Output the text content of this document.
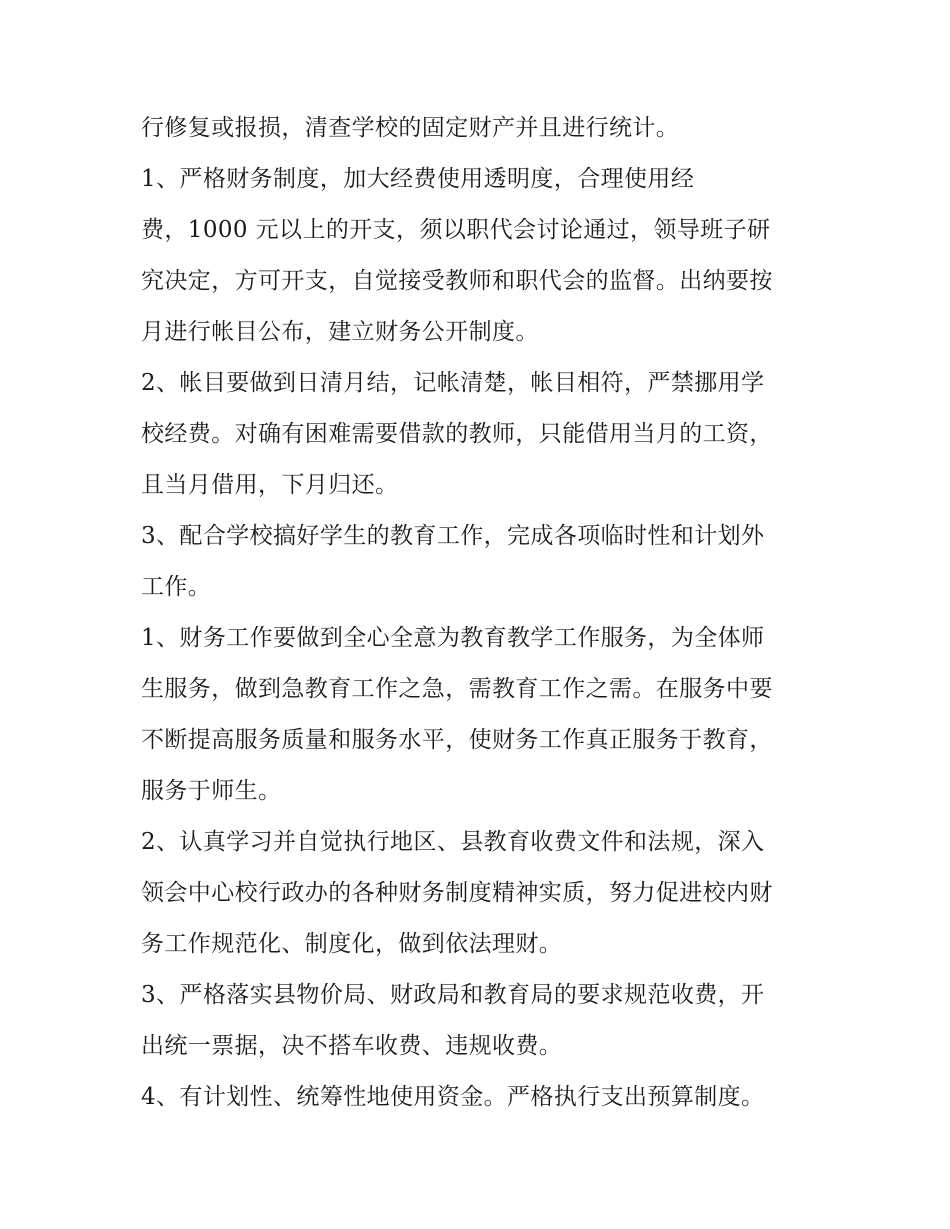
行修复或报损，清查学校的固定财产并且进行统计。
1、严格财务制度，加大经费使用透明度，合理使用经
费，1000 元以上的开支，须以职代会讨论通过，领导班子研
究决定，方可开支，自觉接受教师和职代会的监督。出纳要按
月进行帐目公布，建立财务公开制度。
2、帐目要做到日清月结，记帐清楚，帐目相符，严禁挪用学
校经费。对确有困难需要借款的教师，只能借用当月的工资，
且当月借用，下月归还。
3、配合学校搞好学生的教育工作，完成各项临时性和计划外
工作。
1、财务工作要做到全心全意为教育教学工作服务，为全体师
生服务，做到急教育工作之急，需教育工作之需。在服务中要
不断提高服务质量和服务水平，使财务工作真正服务于教育，
服务于师生。
2、认真学习并自觉执行地区、县教育收费文件和法规，深入
领会中心校行政办的各种财务制度精神实质，努力促进校内财
务工作规范化、制度化，做到依法理财。
3、严格落实县物价局、财政局和教育局的要求规范收费，开
出统一票据，决不搭车收费、违规收费。
4、有计划性、统筹性地使用资金。严格执行支出预算制度。
